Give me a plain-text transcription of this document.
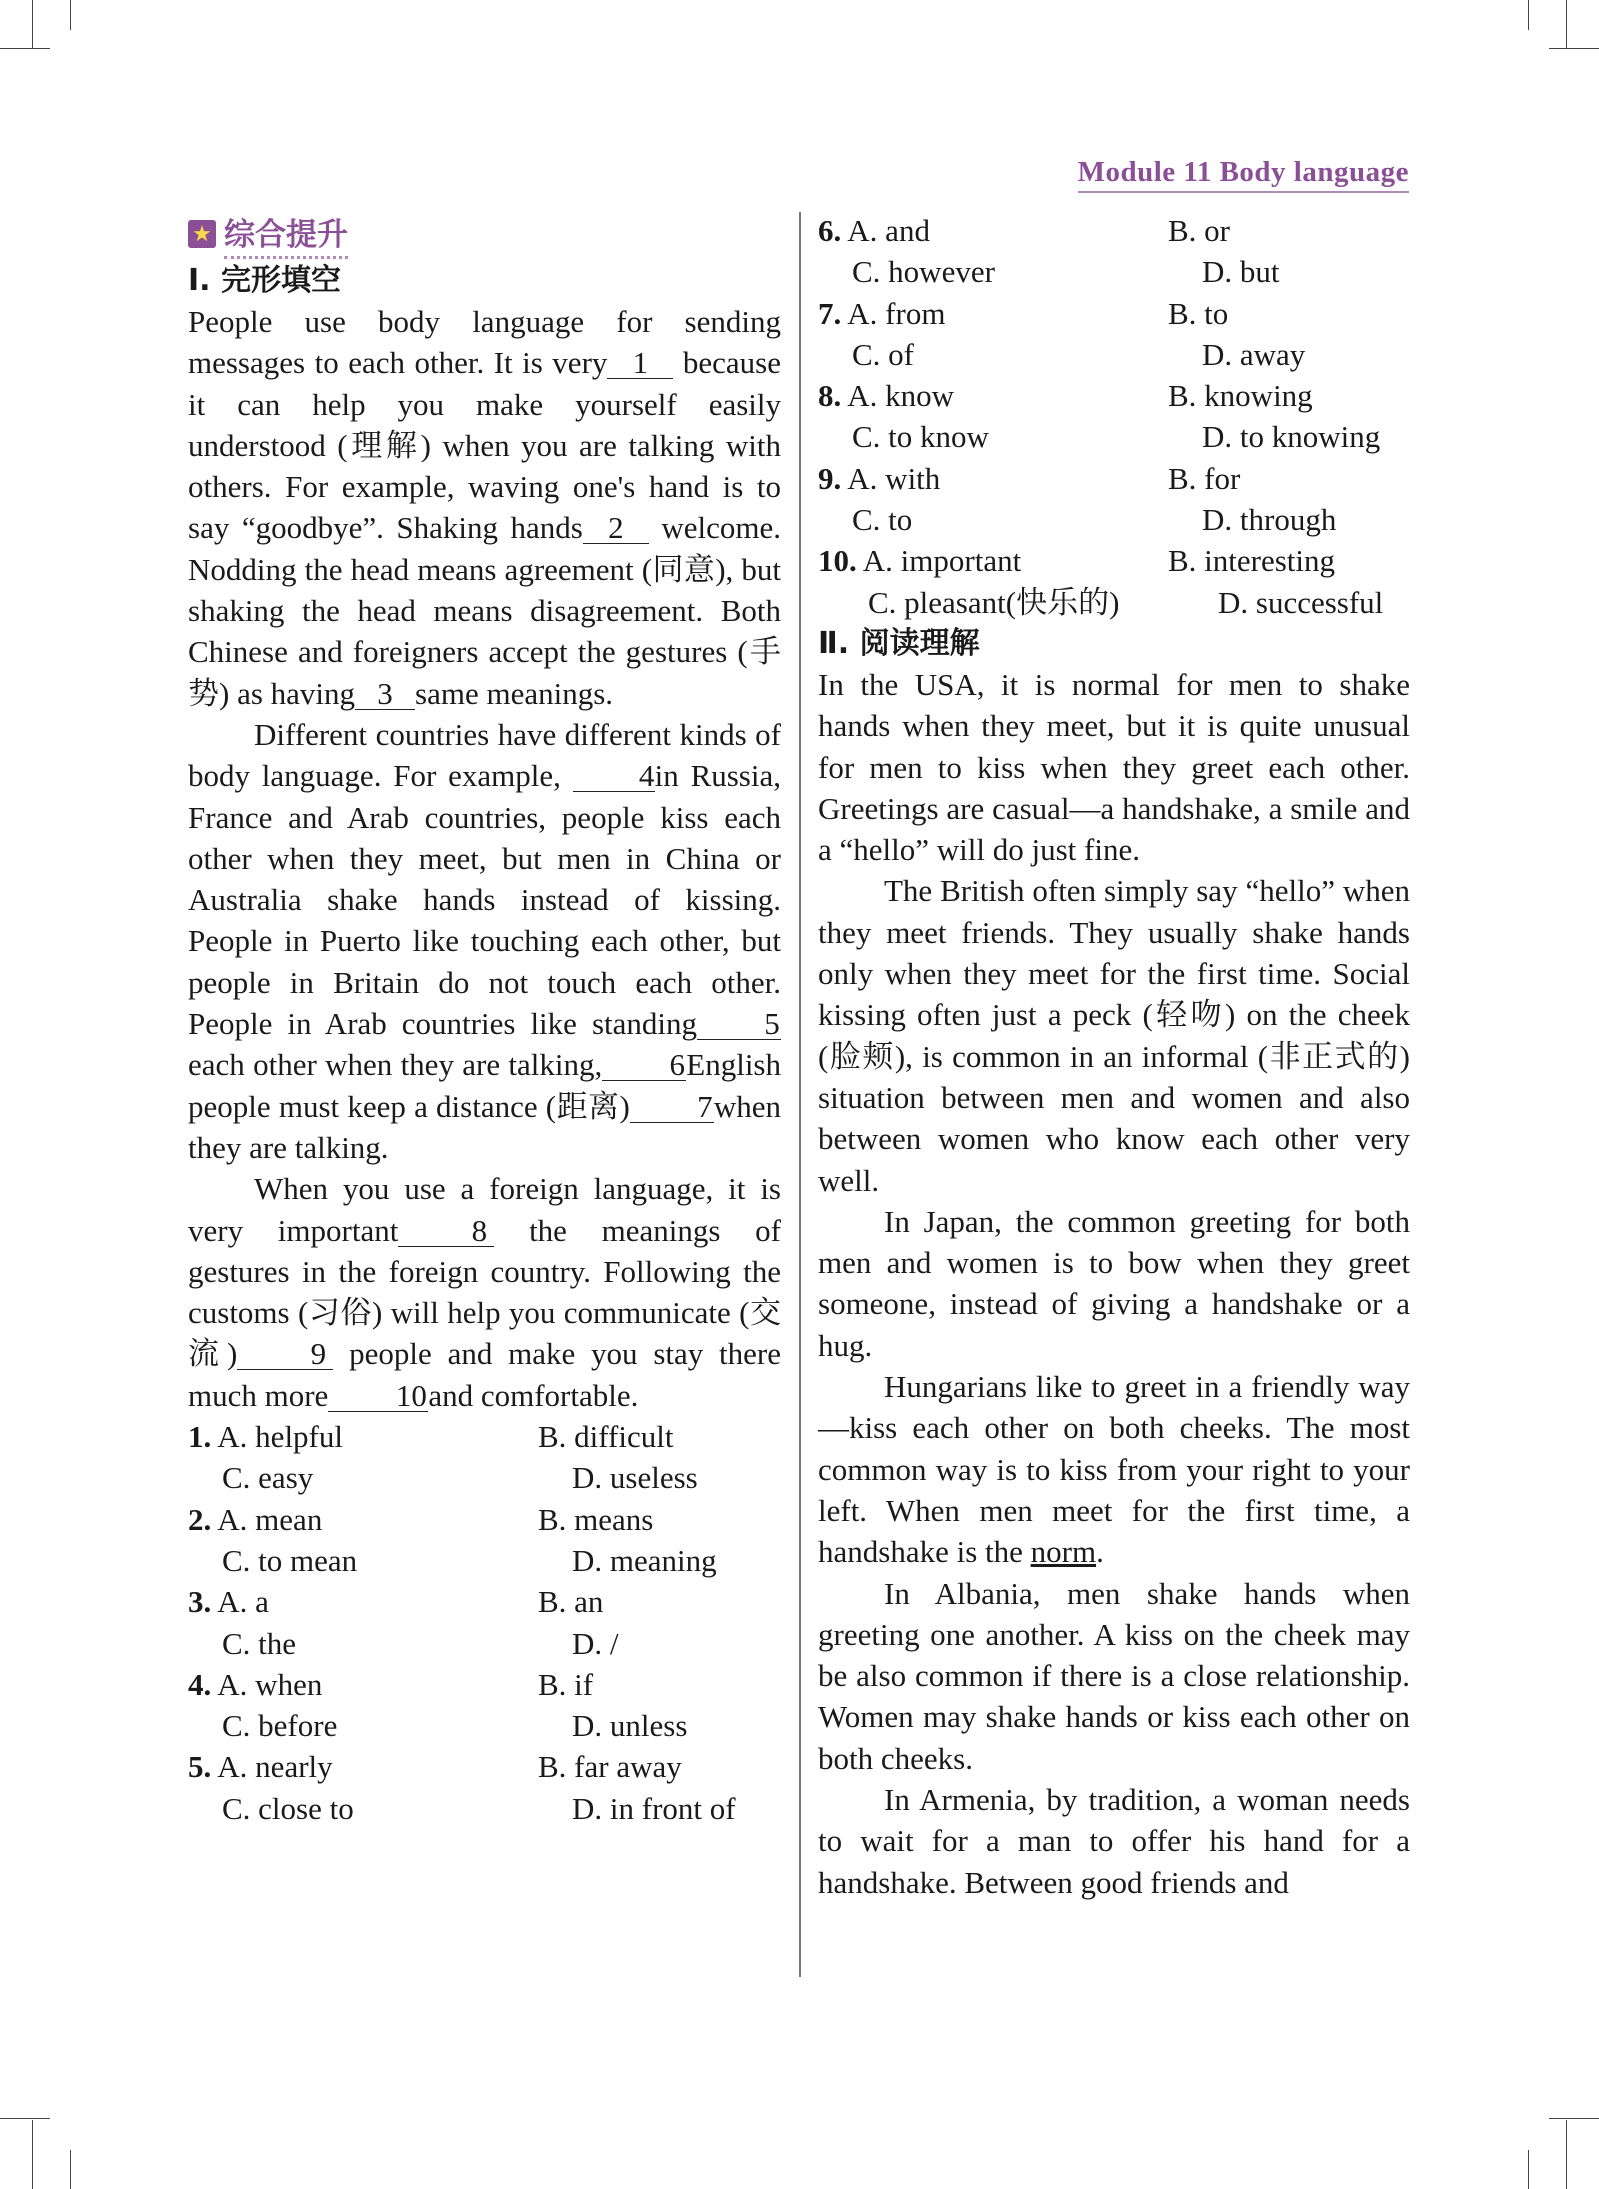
Module 11 Body language
★ 综合提升
Ⅰ. 完形填空

People use body language for sending messages to each other. It is very 1 because it can help you make yourself easily understood (理解) when you are talking with others. For example, waving one's hand is to say “goodbye”. Shaking hands 2 welcome. Nodding the head means agreement (同意), but shaking the head means disagreement. Both Chinese and foreigners accept the gestures (手势) as having 3 same meanings.

Different countries have different kinds of body language. For example,	4in Russia, France and Arab countries, people kiss each other when they meet, but men in China or Australia shake hands instead of kissing. People in Puerto like touching each other, but people in Britain do not touch each other. People in Arab countries like standing 5each other when they are talking, 6English people must keep a distance (距离) 7when they are talking.

When you use a foreign language, it is very important 8 the meanings of gestures in the foreign country. Following the customs (习俗) will help you communicate (交流) 9 people and make you stay there much more 10and comfortable.

1. A. helpful	B. difficult
C. easy	D. useless
2. A. mean	B. means
C. to mean	D. meaning
3. A. a	B. an
C. the	D. /
4. A. when	B. if
C. before	D. unless
5. A. nearly	B. far away
C. close to	D. in front of
6. A. and	B. or
C. however	D. but
7. A. from	B. to
C. of	D. away
8. A. know	B. knowing
C. to know	D. to knowing
9. A. with	B. for
C. to	D. through
10. A. important	B. interesting
C. pleasant(快乐的)	D. successful
Ⅱ. 阅读理解

In the USA, it is normal for men to shake hands when they meet, but it is quite unusual for men to kiss when they greet each other. Greetings are casual—a handshake, a smile and a “hello” will do just fine.

The British often simply say “hello” when they meet friends. They usually shake hands only when they meet for the first time. Social kissing often just a peck (轻吻) on the cheek (脸颊), is common in an informal (非正式的) situation between men and women and also between women who know each other very well.

In Japan, the common greeting for both men and women is to bow when they greet someone, instead of giving a handshake or a hug.

Hungarians like to greet in a friendly way—kiss each other on both cheeks. The most common way is to kiss from your right to your left. When men meet for the first time, a handshake is the norm.

In Albania, men shake hands when greeting one another. A kiss on the cheek may be also common if there is a close relationship. Women may shake hands or kiss each other on both cheeks.

In Armenia, by tradition, a woman needs to wait for a man to offer his hand for a handshake. Between good friends and
